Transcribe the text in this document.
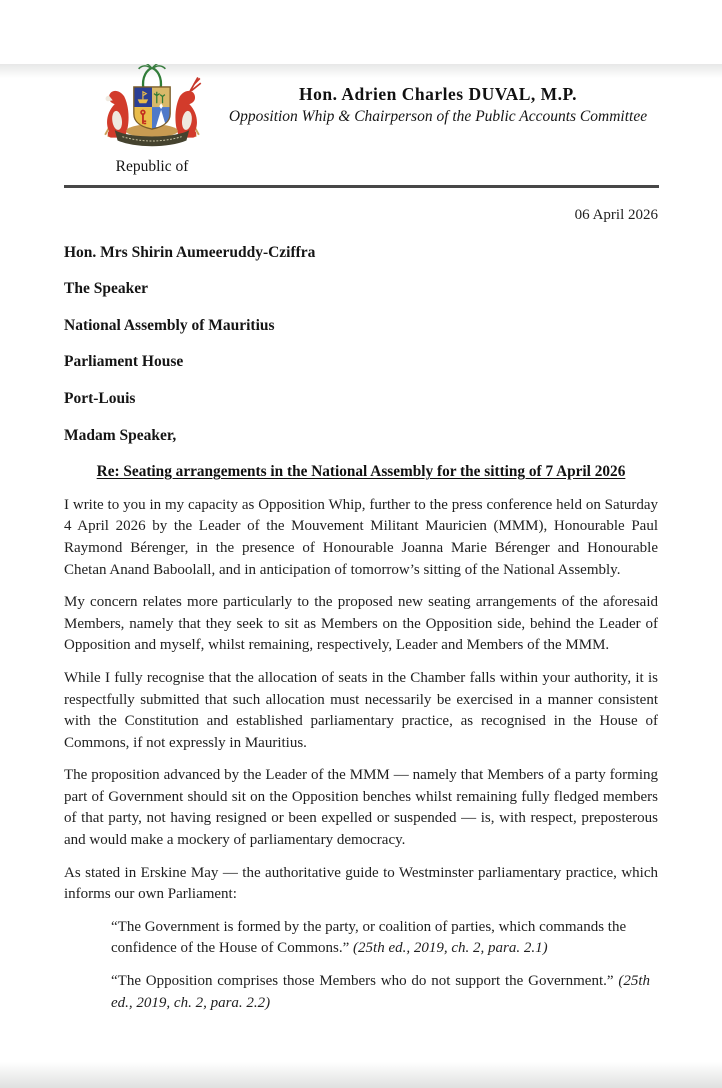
Republic of
Hon. Adrien Charles DUVAL, M.P.
Opposition Whip & Chairperson of the Public Accounts Committee

06 April 2026

Hon. Mrs Shirin Aumeeruddy-Cziffra

The Speaker

National Assembly of Mauritius

Parliament House

Port-Louis

Madam Speaker,

Re: Seating arrangements in the National Assembly for the sitting of 7 April 2026

I write to you in my capacity as Opposition Whip, further to the press conference held on Saturday 4 April 2026 by the Leader of the Mouvement Militant Mauricien (MMM), Honourable Paul Raymond Bérenger, in the presence of Honourable Joanna Marie Bérenger and Honourable Chetan Anand Baboolall, and in anticipation of tomorrow’s sitting of the National Assembly.

My concern relates more particularly to the proposed new seating arrangements of the aforesaid Members, namely that they seek to sit as Members on the Opposition side, behind the Leader of Opposition and myself, whilst remaining, respectively, Leader and Members of the MMM.

While I fully recognise that the allocation of seats in the Chamber falls within your authority, it is respectfully submitted that such allocation must necessarily be exercised in a manner consistent with the Constitution and established parliamentary practice, as recognised in the House of Commons, if not expressly in Mauritius.

The proposition advanced by the Leader of the MMM — namely that Members of a party forming part of Government should sit on the Opposition benches whilst remaining fully fledged members of that party, not having resigned or been expelled or suspended — is, with respect, preposterous and would make a mockery of parliamentary democracy.

As stated in Erskine May — the authoritative guide to Westminster parliamentary practice, which informs our own Parliament:

“The Government is formed by the party, or coalition of parties, which commands the confidence of the House of Commons.” (25th ed., 2019, ch. 2, para. 2.1)

“The Opposition comprises those Members who do not support the Government.” (25th ed., 2019, ch. 2, para. 2.2)
